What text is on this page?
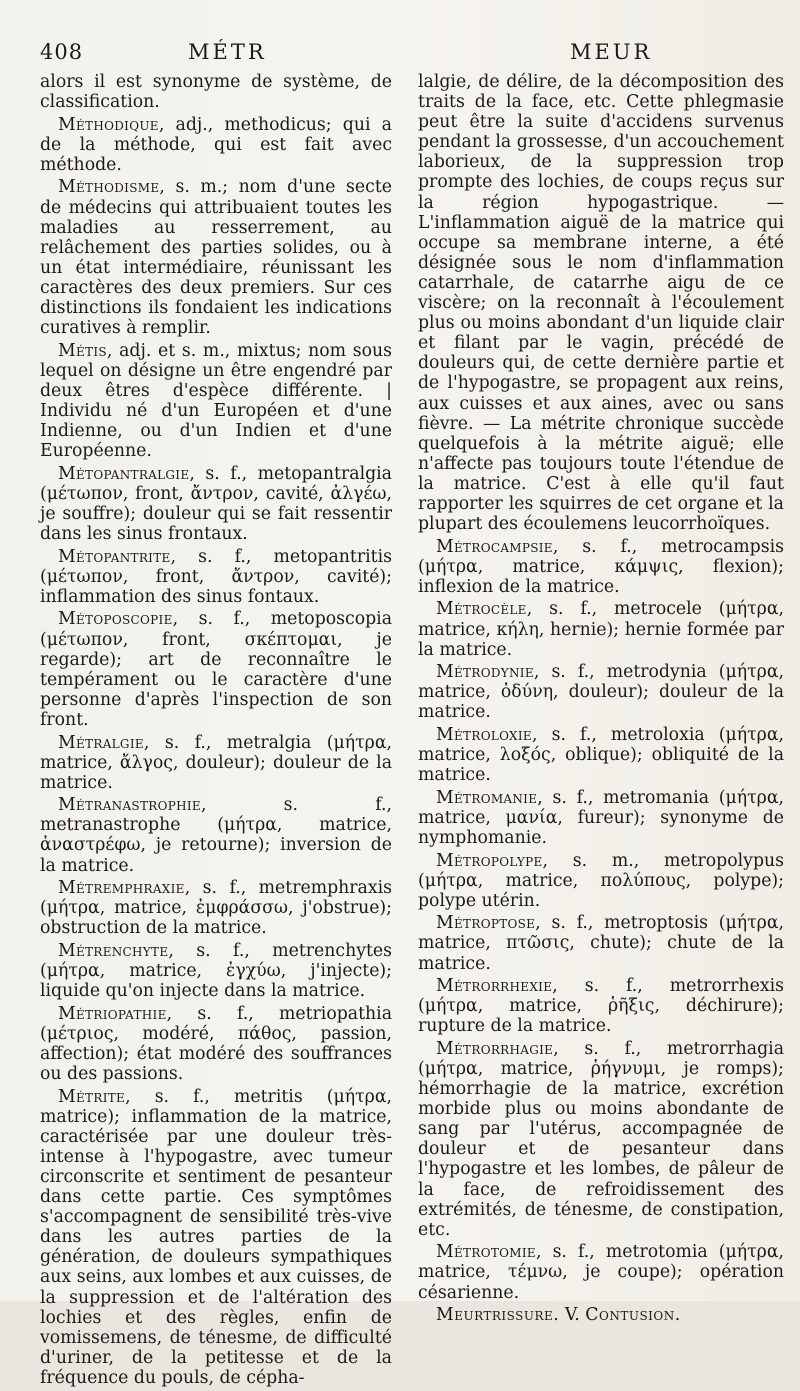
408	MÉTR	MEUR

alors il est synonyme de système, de classification.

Méthodique, adj., methodicus; qui a de la méthode, qui est fait avec méthode.

Méthodisme, s. m.; nom d'une secte de médecins qui attribuaient toutes les maladies au resserrement, au relâchement des parties solides, ou à un état intermédiaire, réunissant les caractères des deux premiers. Sur ces distinctions ils fondaient les indications curatives à remplir.

Métis, adj. et s. m., mixtus; nom sous lequel on désigne un être engendré par deux êtres d'espèce différente. | Individu né d'un Européen et d'une Indienne, ou d'un Indien et d'une Européenne.

Métopantralgie, s. f., metopantralgia (μέτωπον, front, ἄντρον, cavité, ἀλγέω, je souffre); douleur qui se fait ressentir dans les sinus frontaux.

Métopantrite, s. f., metopantritis (μέτωπον, front, ἄντρον, cavité); inflammation des sinus fontaux.

Métoposcopie, s. f., metoposcopia (μέτωπον, front, σκέπτομαι, je regarde); art de reconnaître le tempérament ou le caractère d'une personne d'après l'inspection de son front.

Métralgie, s. f., metralgia (μήτρα, matrice, ἄλγος, douleur); douleur de la matrice.

Métranastrophie, s. f., metranastrophe (μήτρα, matrice, ἀναστρέφω, je retourne); inversion de la matrice.

Métremphraxie, s. f., metremphraxis (μήτρα, matrice, ἐμφράσσω, j'obstrue); obstruction de la matrice.

Métrenchyte, s. f., metrenchytes (μήτρα, matrice, ἐγχύω, j'injecte); liquide qu'on injecte dans la matrice.

Métriopathie, s. f., metriopathia (μέτριος, modéré, πάθος, passion, affection); état modéré des souffrances ou des passions.

Métrite, s. f., metritis (μήτρα, matrice); inflammation de la matrice, caractérisée par une douleur très-intense à l'hypogastre, avec tumeur circonscrite et sentiment de pesanteur dans cette partie. Ces symptômes s'accompagnent de sensibilité très-vive dans les autres parties de la génération, de douleurs sympathiques aux seins, aux lombes et aux cuisses, de la suppression et de l'altération des lochies et des règles, enfin de vomissemens, de ténesme, de difficulté d'uriner, de la petitesse et de la fréquence du pouls, de cépha-

lalgie, de délire, de la décomposition des traits de la face, etc. Cette phlegmasie peut être la suite d'accidens survenus pendant la grossesse, d'un accouchement laborieux, de la suppression trop prompte des lochies, de coups reçus sur la région hypogastrique. — L'inflammation aiguë de la matrice qui occupe sa membrane interne, a été désignée sous le nom d'inflammation catarrhale, de catarrhe aigu de ce viscère; on la reconnaît à l'écoulement plus ou moins abondant d'un liquide clair et filant par le vagin, précédé de douleurs qui, de cette dernière partie et de l'hypogastre, se propagent aux reins, aux cuisses et aux aines, avec ou sans fièvre. — La métrite chronique succède quelquefois à la métrite aiguë; elle n'affecte pas toujours toute l'étendue de la matrice. C'est à elle qu'il faut rapporter les squirres de cet organe et la plupart des écoulemens leucorrhoïques.

Métrocampsie, s. f., metrocampsis (μήτρα, matrice, κάμψις, flexion); inflexion de la matrice.

Métrocèle, s. f., metrocele (μήτρα, matrice, κήλη, hernie); hernie formée par la matrice.

Métrodynie, s. f., metrodynia (μήτρα, matrice, ὀδύνη, douleur); douleur de la matrice.

Métroloxie, s. f., metroloxia (μήτρα, matrice, λοξός, oblique); obliquité de la matrice.

Métromanie, s. f., metromania (μήτρα, matrice, μανία, fureur); synonyme de nymphomanie.

Métropolype, s. m., metropolypus (μήτρα, matrice, πολύπους, polype); polype utérin.

Métroptose, s. f., metroptosis (μήτρα, matrice, πτῶσις, chute); chute de la matrice.

Métrorrhexie, s. f., metrorrhexis (μήτρα, matrice, ῥῆξις, déchirure); rupture de la matrice.

Métrorrhagie, s. f., metrorrhagia (μήτρα, matrice, ῥήγνυμι, je romps); hémorrhagie de la matrice, excrétion morbide plus ou moins abondante de sang par l'utérus, accompagnée de douleur et de pesanteur dans l'hypogastre et les lombes, de pâleur de la face, de refroidissement des extrémités, de ténesme, de constipation, etc.

Métrotomie, s. f., metrotomia (μήτρα, matrice, τέμνω, je coupe); opération césarienne.

Meurtrissure. V. Contusion.
